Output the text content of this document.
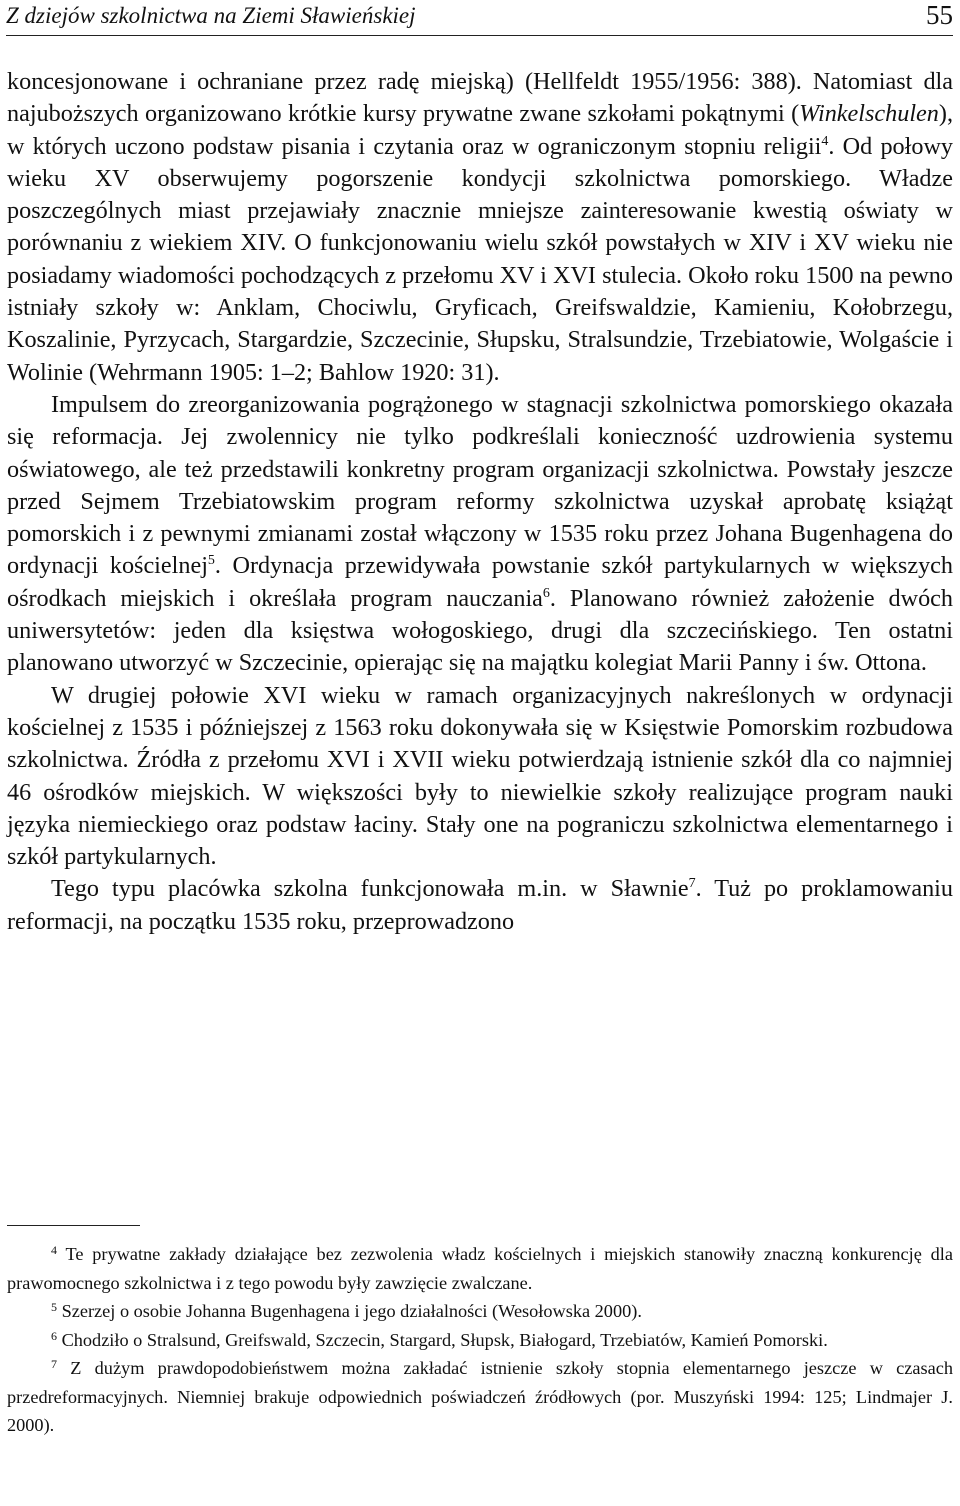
Z dziejów szkolnictwa na Ziemi Sławieńskiej	55

koncesjonowane i ochraniane przez radę miejską) (Hellfeldt 1955/1956: 388). Natomiast dla najuboższych organizowano krótkie kursy prywatne zwane szkołami pokątnymi (Winkelschulen), w których uczono podstaw pisania i czytania oraz w ograniczonym stopniu religii$^4$. Od połowy wieku XV obserwujemy pogorszenie kondycji szkolnictwa pomorskiego. Władze poszczególnych miast przejawiały znacznie mniejsze zainteresowanie kwestią oświaty w porównaniu z wiekiem XIV. O funkcjonowaniu wielu szkół powstałych w XIV i XV wieku nie posiadamy wiadomości pochodzących z przełomu XV i XVI stulecia. Około roku 1500 na pewno istniały szkoły w: Anklam, Chociwlu, Gryficach, Greifswaldzie, Kamieniu, Kołobrzegu, Koszalinie, Pyrzycach, Stargardzie, Szczecinie, Słupsku, Stralsundzie, Trzebiatowie, Wolgaście i Wolinie (Wehrmann 1905: 1–2; Bahlow 1920: 31).

Impulsem do zreorganizowania pogrążonego w stagnacji szkolnictwa pomorskiego okazała się reformacja. Jej zwolennicy nie tylko podkreślali konieczność uzdrowienia systemu oświatowego, ale też przedstawili konkretny program organizacji szkolnictwa. Powstały jeszcze przed Sejmem Trzebiatowskim program reformy szkolnictwa uzyskał aprobatę książąt pomorskich i z pewnymi zmianami został włączony w 1535 roku przez Johana Bugenhagena do ordynacji kościelnej$^5$. Ordynacja przewidywała powstanie szkół partykularnych w większych ośrodkach miejskich i określała program nauczania$^6$. Planowano również założenie dwóch uniwersytetów: jeden dla księstwa wołogoskiego, drugi dla szczecińskiego. Ten ostatni planowano utworzyć w Szczecinie, opierając się na majątku kolegiat Marii Panny i św. Ottona.

W drugiej połowie XVI wieku w ramach organizacyjnych nakreślonych w ordynacji kościelnej z 1535 i późniejszej z 1563 roku dokonywała się w Księstwie Pomorskim rozbudowa szkolnictwa. Źródła z przełomu XVI i XVII wieku potwierdzają istnienie szkół dla co najmniej 46 ośrodków miejskich. W większości były to niewielkie szkoły realizujące program nauki języka niemieckiego oraz podstaw łaciny. Stały one na pograniczu szkolnictwa elementarnego i szkół partykularnych.

Tego typu placówka szkolna funkcjonowała m.in. w Sławnie$^7$. Tuż po proklamowaniu reformacji, na początku 1535 roku, przeprowadzono

$^4$ Te prywatne zakłady działające bez zezwolenia władz kościelnych i miejskich stanowiły znaczną konkurencję dla prawomocnego szkolnictwa i z tego powodu były zawzięcie zwalczane.

$^5$ Szerzej o osobie Johanna Bugenhagena i jego działalności (Wesołowska 2000).

$^6$ Chodziło o Stralsund, Greifswald, Szczecin, Stargard, Słupsk, Białogard, Trzebiatów, Kamień Pomorski.

$^7$ Z dużym prawdopodobieństwem można zakładać istnienie szkoły stopnia elementarnego jeszcze w czasach przedreformacyjnych. Niemniej brakuje odpowiednich poświadczeń źródłowych (por. Muszyński 1994: 125; Lindmajer J. 2000).
